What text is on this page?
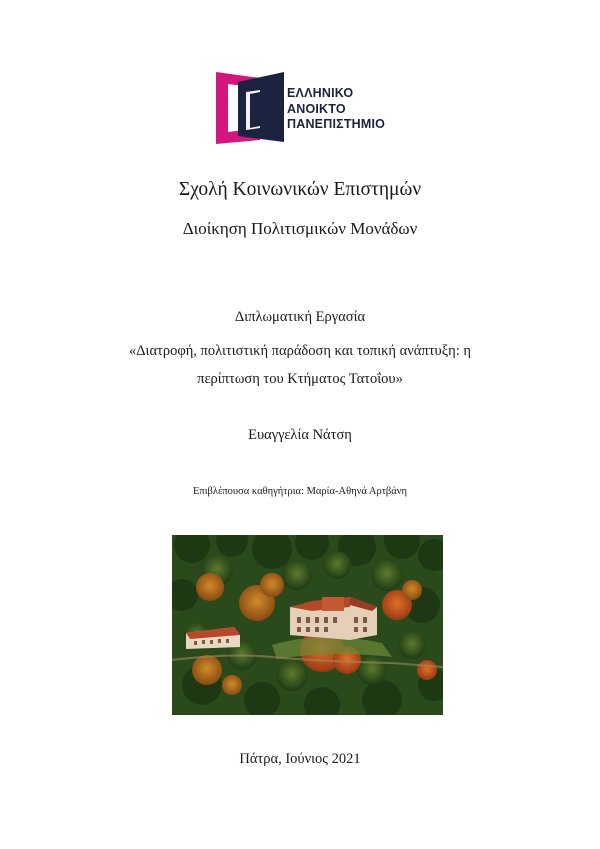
ΕΛΛΗΝΙΚΟ
ΑΝΟΙΚΤΟ
ΠΑΝΕΠΙΣΤΗΜΙΟ
Σχολή Κοινωνικών Επιστημών
Διοίκηση Πολιτισμικών Μονάδων
Διπλωματική Εργασία
«Διατροφή, πολιτιστική παράδοση και τοπική ανάπτυξη: η
περίπτωση του Κτήματος Τατοΐου»
Ευαγγελία Νάτση
Επιβλέπουσα καθηγήτρια: Μαρία-Αθηνά Αρτβάνη
Πάτρα, Ιούνιος 2021
